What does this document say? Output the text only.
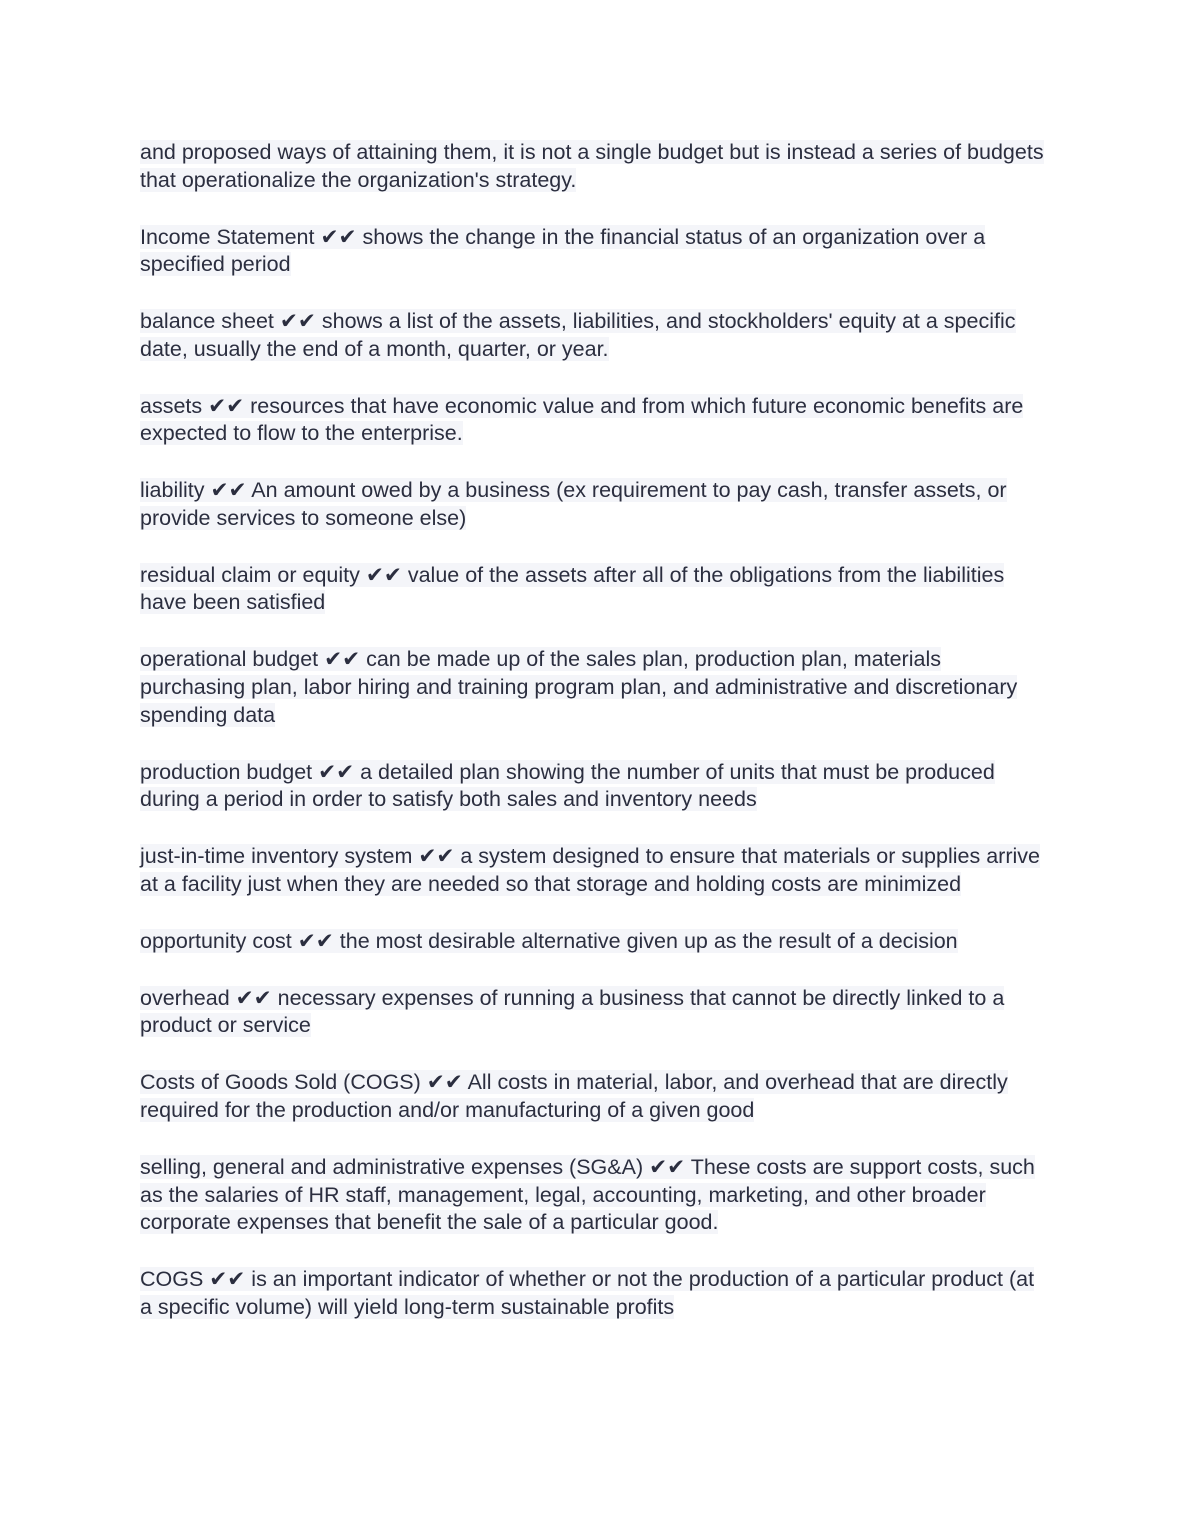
and proposed ways of attaining them, it is not a single budget but is instead a series of budgets that operationalize the organization's strategy.

Income Statement ✔✔ shows the change in the financial status of an organization over a specified period

balance sheet ✔✔ shows a list of the assets, liabilities, and stockholders' equity at a specific date, usually the end of a month, quarter, or year.

assets ✔✔ resources that have economic value and from which future economic benefits are expected to flow to the enterprise.

liability ✔✔ An amount owed by a business (ex requirement to pay cash, transfer assets, or provide services to someone else)

residual claim or equity ✔✔ value of the assets after all of the obligations from the liabilities have been satisfied

operational budget ✔✔ can be made up of the sales plan, production plan, materials purchasing plan, labor hiring and training program plan, and administrative and discretionary spending data

production budget ✔✔ a detailed plan showing the number of units that must be produced during a period in order to satisfy both sales and inventory needs

just-in-time inventory system ✔✔ a system designed to ensure that materials or supplies arrive at a facility just when they are needed so that storage and holding costs are minimized

opportunity cost ✔✔ the most desirable alternative given up as the result of a decision

overhead ✔✔ necessary expenses of running a business that cannot be directly linked to a product or service

Costs of Goods Sold (COGS) ✔✔ All costs in material, labor, and overhead that are directly required for the production and/or manufacturing of a given good

selling, general and administrative expenses (SG&A) ✔✔ These costs are support costs, such as the salaries of HR staff, management, legal, accounting, marketing, and other broader corporate expenses that benefit the sale of a particular good.

COGS ✔✔ is an important indicator of whether or not the production of a particular product (at a specific volume) will yield long-term sustainable profits
